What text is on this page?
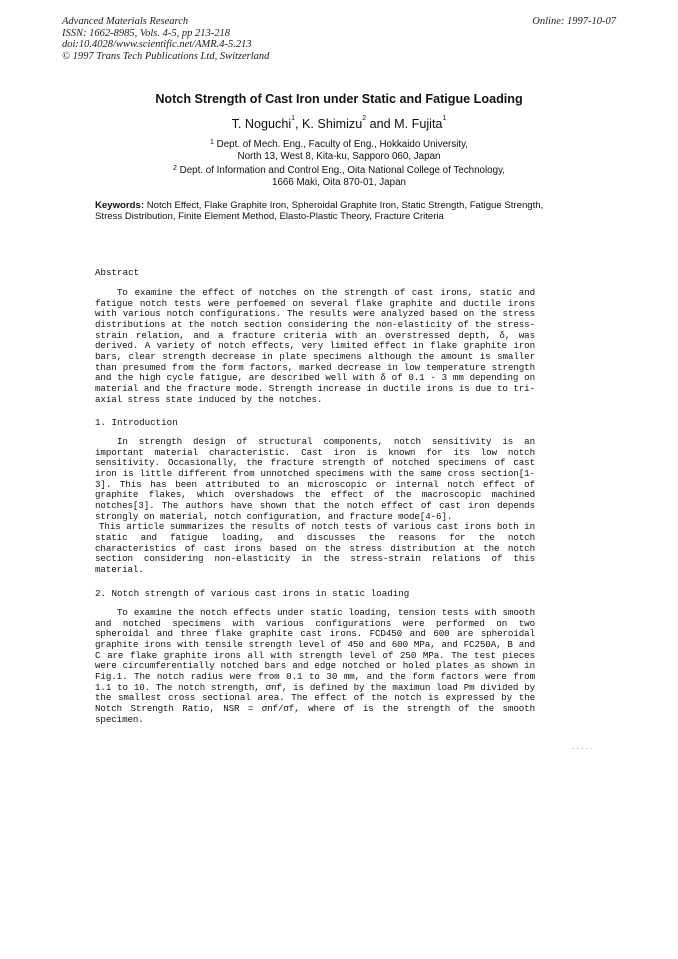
Advanced Materials Research
ISSN: 1662-8985, Vols. 4-5, pp 213-218
doi:10.4028/www.scientific.net/AMR.4-5.213
© 1997 Trans Tech Publications Ltd, Switzerland
Online: 1997-10-07
Notch Strength of Cast Iron under Static and Fatigue Loading
T. Noguchi$^1$, K. Shimizu$^2$ and M. Fujita$^1$
$^1$ Dept. of Mech. Eng., Faculty of Eng., Hokkaido University,
North 13, West 8, Kita-ku, Sapporo 060, Japan
$^2$ Dept. of Information and Control Eng., Oita National College of Technology,
1666 Maki, Oita 870-01, Japan
Keywords: Notch Effect, Flake Graphite Iron, Spheroidal Graphite Iron, Static Strength, Fatigue Strength, Stress Distribution, Finite Element Method, Elasto-Plastic Theory, Fracture Criteria
Abstract

To examine the effect of notches on the strength of cast irons, static and fatigue notch tests were perfoemed on several flake graphite and ductile irons with various notch configurations. The results were analyzed based on the stress distributions at the notch section considering the non-elasticity of the stress-strain relation, and a fracture criteria with an overstressed depth, δ, was derived. A variety of notch effects, very limited effect in flake graphite iron bars, clear strength decrease in plate specimens although the amount is smaller than presumed from the form factors, marked decrease in low temperature strength and the high cycle fatigue, are described well with δ of 0.1 - 3 mm depending on material and the fracture mode. Strength increase in ductile irons is due to tri-axial stress state induced by the notches.

1. Introduction

In strength design of structural components, notch sensitivity is an important material characteristic. Cast iron is known for its low notch sensitivity. Occasionally, the fracture strength of notched specimens of cast iron is little different from unnotched specimens with the same cross section[1-3]. This has been attributed to an microscopic or internal notch effect of graphite flakes, which overshadows the effect of the macroscopic machined notches[3]. The authors have shown that the notch effect of cast iron depends strongly on material, notch configuration, and fracture mode[4-6].

This article summarizes the results of notch tests of various cast irons both in static and fatigue loading, and discusses the reasons for the notch characteristics of cast irons based on the stress distribution at the notch section considering non-elasticity in the stress-strain relations of this material.

2. Notch strength of various cast irons in static loading

To examine the notch effects under static loading, tension tests with smooth and notched specimens with various configurations were performed on two spheroidal and three flake graphite cast irons. FCD450 and 600 are spheroidal graphite irons with tensile strength level of 450 and 600 MPa, and FC250A, B and C are flake graphite irons all with strength level of 250 MPa. The test pieces were circumferentially notched bars and edge notched or holed plates as shown in Fig.1. The notch radius were from 0.1 to 30 mm, and the form factors were from 1.1 to 10. The notch strength, σnf, is defined by the maximun load Pm divided by the smallest cross sectional area. The effect of the notch is expressed by the Notch Strength Ratio, NSR = σnf/σf, where σf is the strength of the smooth specimen.

- - - - -
